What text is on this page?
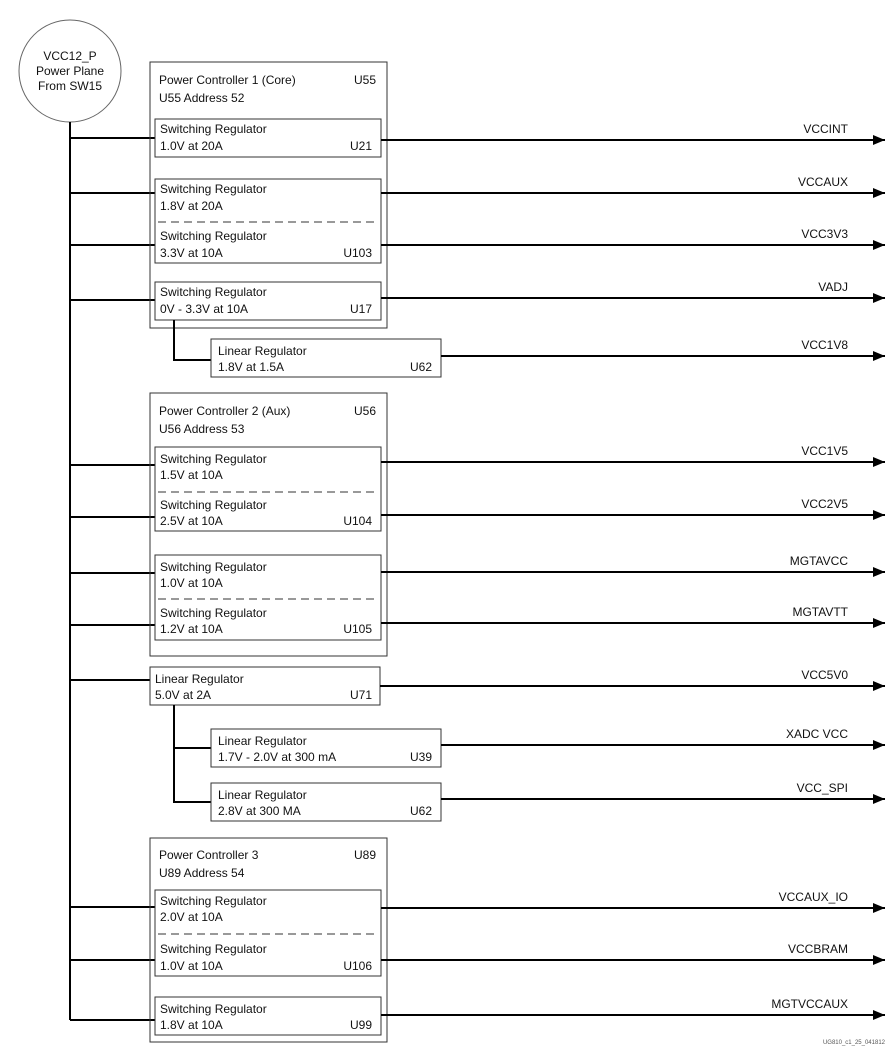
VCC12_P
Power Plane
From SW15	Power Controller 1 (Core)	U55
U55 Address 52
Switching Regulator
1.0V at 20A	U21
Switching Regulator
1.8V at 20A
Switching Regulator
3.3V at 10A	U103
Switching Regulator
0V - 3.3V at 10A	U17
Linear Regulator
1.8V at 1.5A	U62
Power Controller 2 (Aux)	U56
U56 Address 53
Switching Regulator
1.5V at 10A
Switching Regulator
2.5V at 10A	U104
Switching Regulator
1.0V at 10A
Switching Regulator
1.2V at 10A	U105
Linear Regulator
5.0V at 2A	U71
Linear Regulator
1.7V - 2.0V at 300 mA	U39
Linear Regulator
2.8V at 300 MA	U62
Power Controller 3	U89
U89 Address 54
Switching Regulator
2.0V at 10A
Switching Regulator
1.0V at 10A	U106
Switching Regulator
1.8V at 10A	U99
VCCINT
VCCAUX
VCC3V3
VADJ
VCC1V8
VCC1V5
VCC2V5
MGTAVCC
MGTAVTT
VCC5V0
XADC VCC
VCC_SPI
VCCAUX_IO
VCCBRAM
MGTVCCAUX
UG810_c1_25_041812
